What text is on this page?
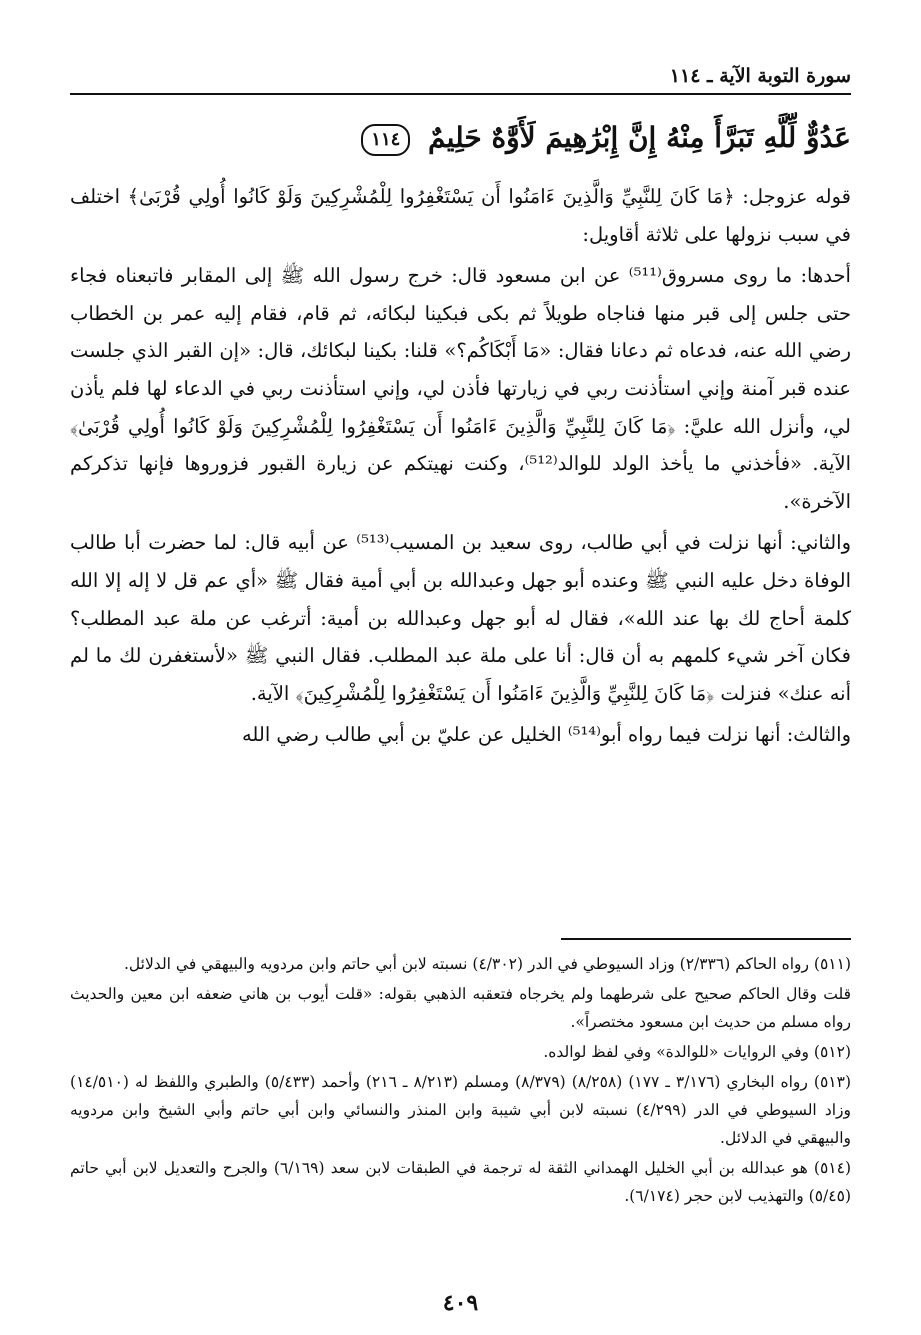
سورة التوبة الآية ـ ١١٤
عَدُوٌّ لِّلَّهِ تَبَرَّأَ مِنْهُ إِنَّ إِبْرَٰهِيمَ لَأَوَّٰهٌ حَلِيمٌ ١١٤

قوله عزوجل: ﴿مَا كَانَ لِلنَّبِيِّ وَالَّذِينَ ءَامَنُوا أَن يَسْتَغْفِرُوا لِلْمُشْرِكِينَ وَلَوْ كَانُوا أُولِي قُرْبَىٰ﴾ اختلف في سبب نزولها على ثلاثة أقاويل:

أحدها: ما روى مسروق⁽⁵¹¹⁾ عن ابن مسعود قال: خرج رسول الله ﷺ إلى المقابر فاتبعناه فجاء حتى جلس إلى قبر منها فناجاه طويلاً ثم بكى فبكينا لبكائه، ثم قام، فقام إليه عمر بن الخطاب رضي الله عنه، فدعاه ثم دعانا فقال: «مَا أَبْكَاكُم؟» قلنا: بكينا لبكائك، قال: «إن القبر الذي جلست عنده قبر آمنة وإني استأذنت ربي في زيارتها فأذن لي، وإني استأذنت ربي في الدعاء لها فلم يأذن لي، وأنزل الله عليَّ: ﴿مَا كَانَ لِلنَّبِيِّ وَالَّذِينَ ءَامَنُوا أَن يَسْتَغْفِرُوا لِلْمُشْرِكِينَ وَلَوْ كَانُوا أُولِي قُرْبَىٰ﴾ الآية. «فأخذني ما يأخذ الولد للوالد⁽⁵¹²⁾، وكنت نهيتكم عن زيارة القبور فزوروها فإنها تذكركم الآخرة».

والثاني: أنها نزلت في أبي طالب، روى سعيد بن المسيب⁽⁵¹³⁾ عن أبيه قال: لما حضرت أبا طالب الوفاة دخل عليه النبي ﷺ وعنده أبو جهل وعبدالله بن أبي أمية فقال ﷺ «أي عم قل لا إله إلا الله كلمة أحاج لك بها عند الله»، فقال له أبو جهل وعبدالله بن أمية: أترغب عن ملة عبد المطلب؟ فكان آخر شيء كلمهم به أن قال: أنا على ملة عبد المطلب. فقال النبي ﷺ «لأستغفرن لك ما لم أنه عنك» فنزلت ﴿مَا كَانَ لِلنَّبِيِّ وَالَّذِينَ ءَامَنُوا أَن يَسْتَغْفِرُوا لِلْمُشْرِكِينَ﴾ الآية.

والثالث: أنها نزلت فيما رواه أبو⁽⁵¹⁴⁾ الخليل عن عليّ بن أبي طالب رضي الله

(٥١١) رواه الحاكم (٢/٣٣٦) وزاد السيوطي في الدر (٤/٣٠٢) نسبته لابن أبي حاتم وابن مردويه والبيهقي في الدلائل.

قلت وقال الحاكم صحيح على شرطهما ولم يخرجاه فتعقبه الذهبي بقوله: «قلت أيوب بن هاني ضعفه ابن معين والحديث رواه مسلم من حديث ابن مسعود مختصراً».

(٥١٢) وفي الروايات «للوالدة» وفي لفظ لوالده.

(٥١٣) رواه البخاري (٣/١٧٦ ـ ١٧٧) (٨/٢٥٨) (٨/٣٧٩) ومسلم (٨/٢١٣ ـ ٢١٦) وأحمد (٥/٤٣٣) والطبري واللفظ له (١٤/٥١٠) وزاد السيوطي في الدر (٤/٢٩٩) نسبته لابن أبي شيبة وابن المنذر والنسائي وابن أبي حاتم وأبي الشيخ وابن مردويه والبيهقي في الدلائل.

(٥١٤) هو عبدالله بن أبي الخليل الهمداني الثقة له ترجمة في الطبقات لابن سعد (٦/١٦٩) والجرح والتعديل لابن أبي حاتم (٥/٤٥) والتهذيب لابن حجر (٦/١٧٤).

٤٠٩
